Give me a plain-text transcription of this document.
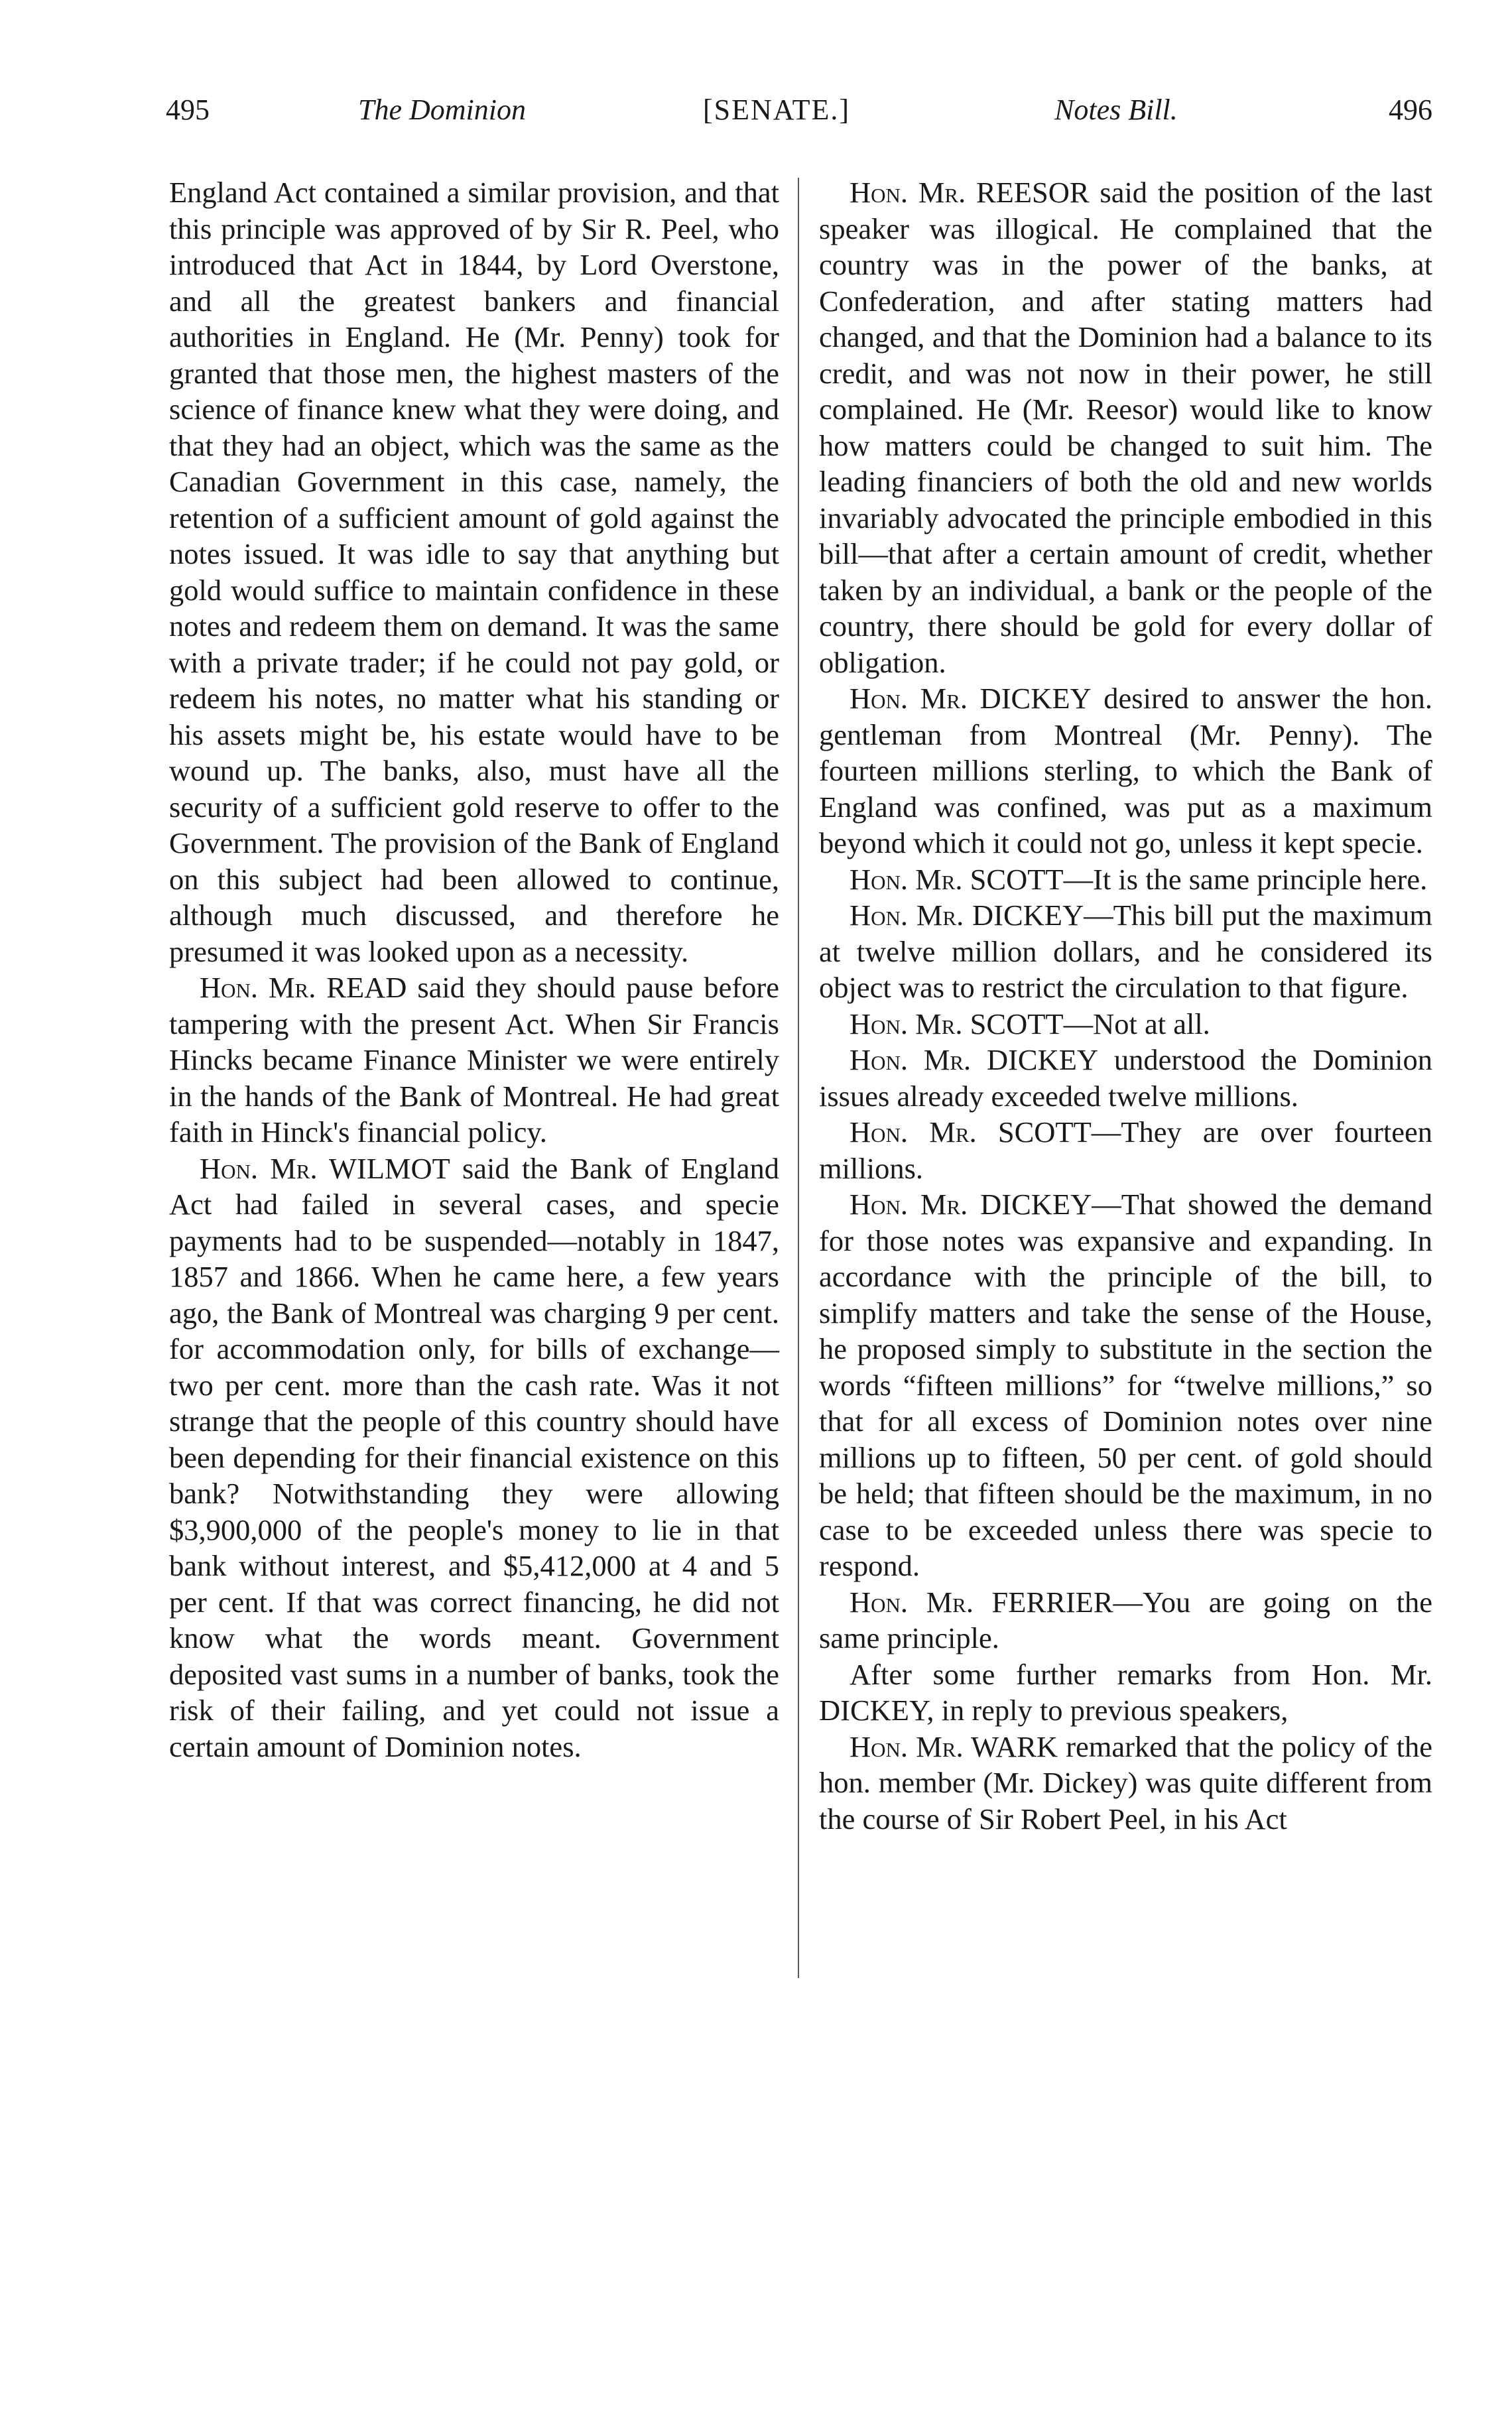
495	The Dominion	[SENATE.]	Notes Bill.	496

England Act contained a similar provision, and that this principle was approved of by Sir R. Peel, who introduced that Act in 1844, by Lord Overstone, and all the greatest bankers and financial authorities in England. He (Mr. Penny) took for granted that those men, the highest masters of the science of finance knew what they were doing, and that they had an object, which was the same as the Canadian Government in this case, namely, the retention of a sufficient amount of gold against the notes issued. It was idle to say that anything but gold would suffice to maintain confidence in these notes and redeem them on demand. It was the same with a private trader; if he could not pay gold, or redeem his notes, no matter what his standing or his assets might be, his estate would have to be wound up. The banks, also, must have all the security of a sufficient gold reserve to offer to the Government. The provision of the Bank of England on this subject had been allowed to continue, although much discussed, and therefore he presumed it was looked upon as a necessity.

Hon. Mr. READ said they should pause before tampering with the present Act. When Sir Francis Hincks became Finance Minister we were entirely in the hands of the Bank of Montreal. He had great faith in Hinck's financial policy.

Hon. Mr. WILMOT said the Bank of England Act had failed in several cases, and specie payments had to be suspended—notably in 1847, 1857 and 1866. When he came here, a few years ago, the Bank of Montreal was charging 9 per cent. for accommodation only, for bills of exchange—two per cent. more than the cash rate. Was it not strange that the people of this country should have been depending for their financial existence on this bank? Notwithstanding they were allowing $3,900,000 of the people's money to lie in that bank without interest, and $5,412,000 at 4 and 5 per cent. If that was correct financing, he did not know what the words meant. Government deposited vast sums in a number of banks, took the risk of their failing, and yet could not issue a certain amount of Dominion notes.

Hon. Mr. REESOR said the position of the last speaker was illogical. He complained that the country was in the power of the banks, at Confederation, and after stating matters had changed, and that the Dominion had a balance to its credit, and was not now in their power, he still complained. He (Mr. Reesor) would like to know how matters could be changed to suit him. The leading financiers of both the old and new worlds invariably advocated the principle embodied in this bill—that after a certain amount of credit, whether taken by an individual, a bank or the people of the country, there should be gold for every dollar of obligation.

Hon. Mr. DICKEY desired to answer the hon. gentleman from Montreal (Mr. Penny). The fourteen millions sterling, to which the Bank of England was confined, was put as a maximum beyond which it could not go, unless it kept specie.

Hon. Mr. SCOTT—It is the same principle here.

Hon. Mr. DICKEY—This bill put the maximum at twelve million dollars, and he considered its object was to restrict the circulation to that figure.

Hon. Mr. SCOTT—Not at all.

Hon. Mr. DICKEY understood the Dominion issues already exceeded twelve millions.

Hon. Mr. SCOTT—They are over fourteen millions.

Hon. Mr. DICKEY—That showed the demand for those notes was expansive and expanding. In accordance with the principle of the bill, to simplify matters and take the sense of the House, he proposed simply to substitute in the section the words “fifteen millions” for “twelve millions,” so that for all excess of Dominion notes over nine millions up to fifteen, 50 per cent. of gold should be held; that fifteen should be the maximum, in no case to be exceeded unless there was specie to respond.

Hon. Mr. FERRIER—You are going on the same principle.

After some further remarks from Hon. Mr. DICKEY, in reply to previous speakers,

Hon. Mr. WARK remarked that the policy of the hon. member (Mr. Dickey) was quite different from the course of Sir Robert Peel, in his Act
